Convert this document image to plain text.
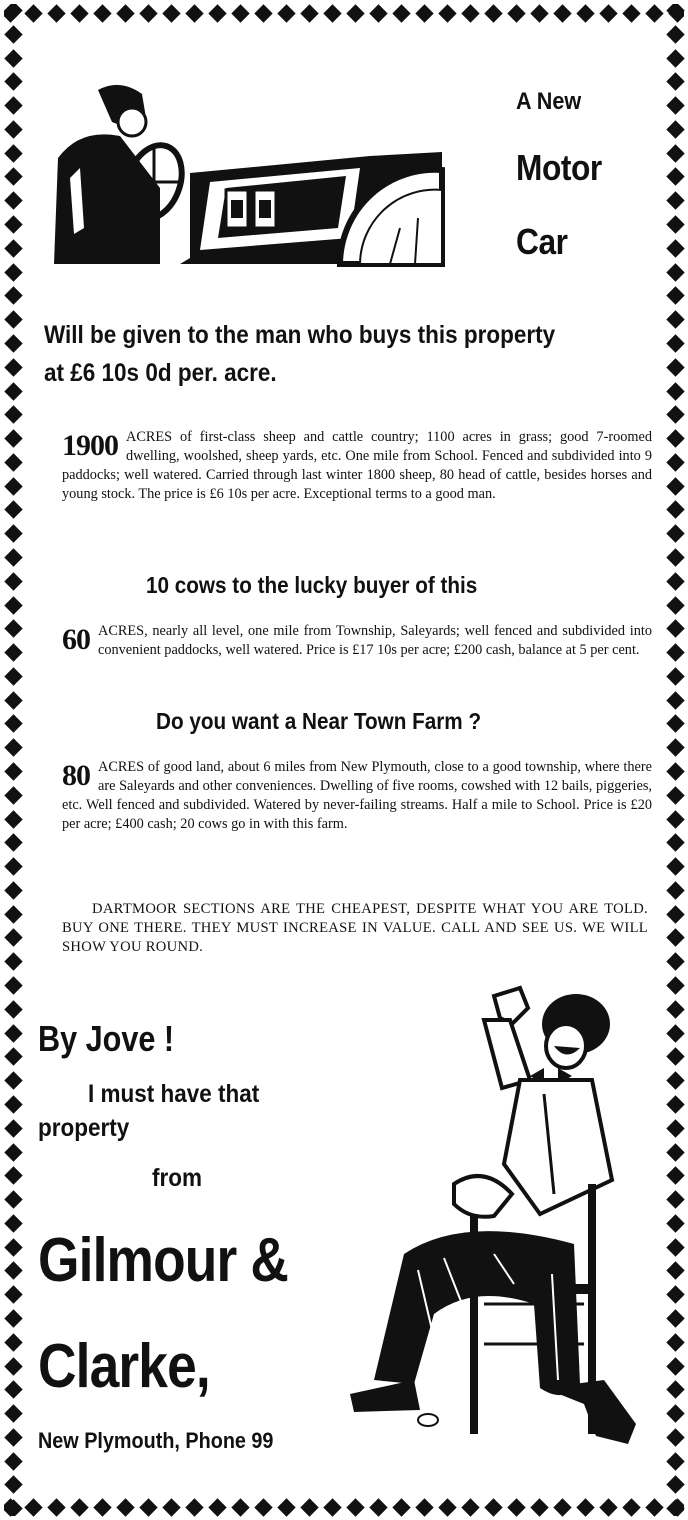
A New
Motor
Car
Will be given to the man who buys this property
at £6 10s 0d per. acre.
1900 ACRES of first-class sheep and cattle country; 1100 acres in grass; good 7-roomed dwelling, woolshed, sheep yards, etc. One mile from School. Fenced and subdivided into 9 paddocks; well watered. Carried through last winter 1800 sheep, 80 head of cattle, besides horses and young stock. The price is £6 10s per acre. Exceptional terms to a good man.
10 cows to the lucky buyer of this
60 ACRES, nearly all level, one mile from Township, Saleyards; well fenced and subdivided into convenient paddocks, well watered. Price is £17 10s per acre; £200 cash, balance at 5 per cent.
Do you want a Near Town Farm ?
80 ACRES of good land, about 6 miles from New Plymouth, close to a good township, where there are Saleyards and other conveniences. Dwelling of five rooms, cowshed with 12 bails, piggeries, etc. Well fenced and subdivided. Watered by never-failing streams. Half a mile to School. Price is £20 per acre; £400 cash; 20 cows go in with this farm.
DARTMOOR SECTIONS ARE THE CHEAPEST, DESPITE WHAT YOU ARE TOLD. BUY ONE THERE. THEY MUST INCREASE IN VALUE. CALL AND SEE US. WE WILL SHOW YOU ROUND.
By Jove !
I must have that
property
from
Gilmour &
Clarke,
New Plymouth, Phone 99
